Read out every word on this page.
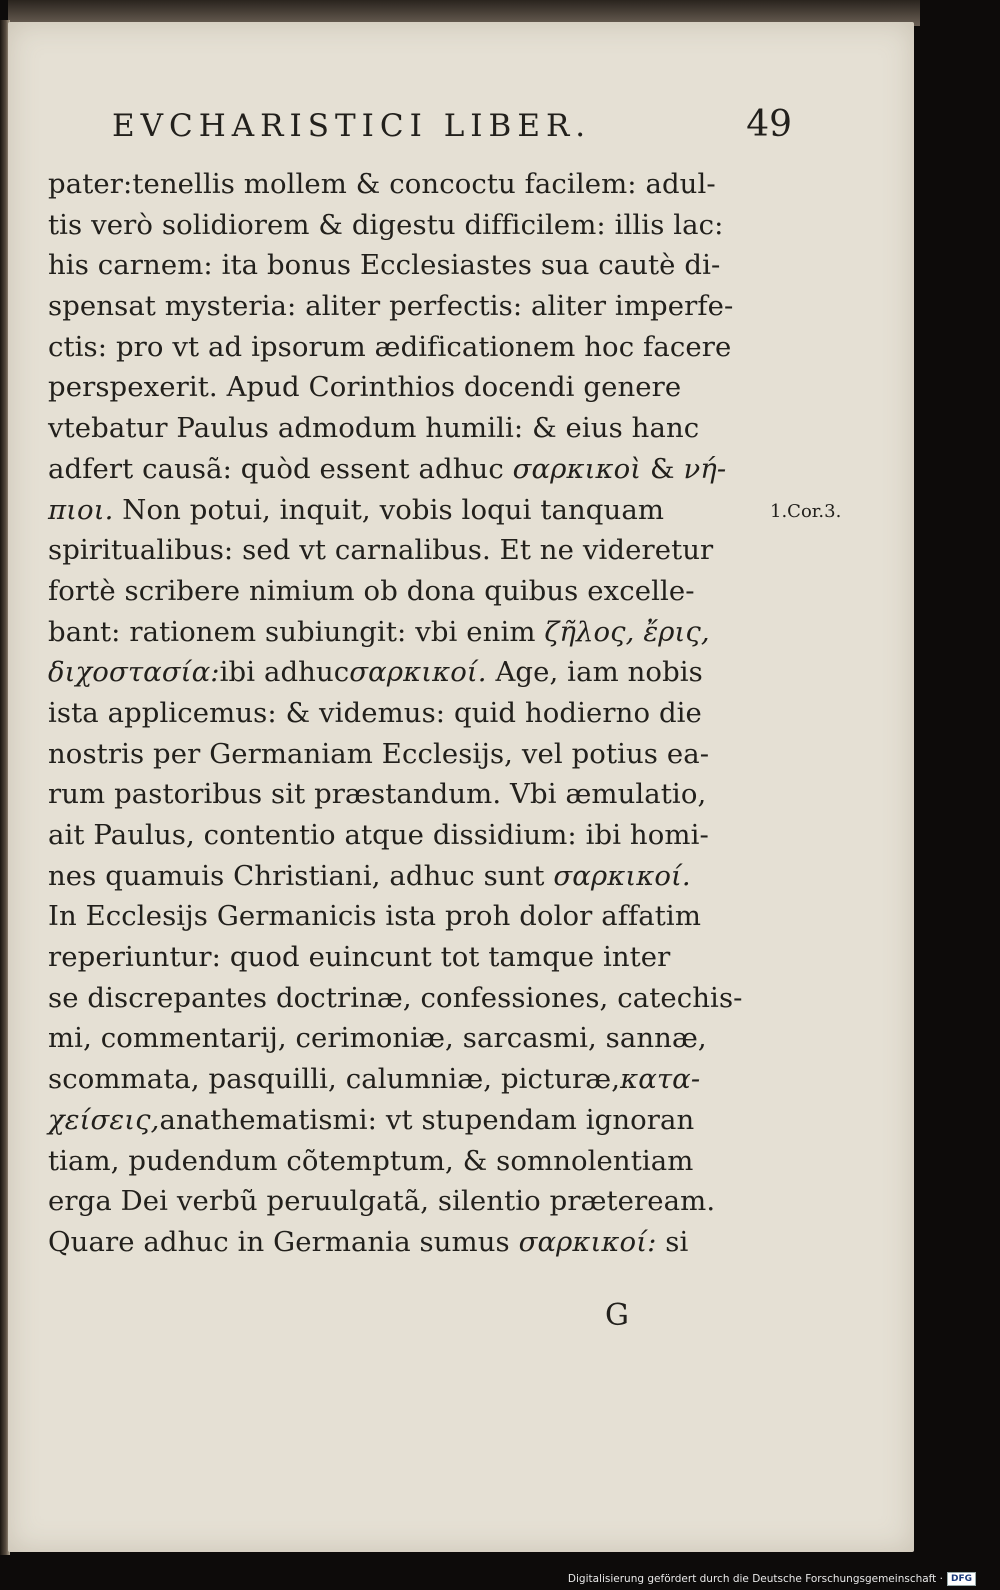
EVCHARISTICI LIBER.	49
pater:tenellis mollem & concoctu facilem: adul-
tis verò solidiorem & digestu difficilem: illis lac:
his carnem: ita bonus Ecclesiastes sua cautè di-
spensat mysteria: aliter perfectis: aliter imperfe-
ctis: pro vt ad ipsorum ædificationem hoc facere
perspexerit. Apud Corinthios docendi genere
vtebatur Paulus admodum humili: & eius hanc
adfert causã: quòd essent adhuc σαρκικοὶ & νή-
πιοι. Non potui, inquit, vobis loqui tanquam
spiritualibus: sed vt carnalibus. Et ne videretur
fortè scribere nimium ob dona quibus excelle-
bant: rationem subiungit: vbi enim ζῆλος, ἔρις,
διχοστασία:ibi adhucσαρκικοί. Age, iam nobis
ista applicemus: & videmus: quid hodierno die
nostris per Germaniam Ecclesijs, vel potius ea-
rum pastoribus sit præstandum. Vbi æmulatio,
ait Paulus, contentio atque dissidium: ibi homi-
nes quamuis Christiani, adhuc sunt σαρκικοί.
In Ecclesijs Germanicis ista proh dolor affatim
reperiuntur: quod euincunt tot tamque inter
se discrepantes doctrinæ, confessiones, catechis-
mi, commentarij, cerimoniæ, sarcasmi, sannæ,
scommata, pasquilli, calumniæ, picturæ,κατα-
χείσεις,anathematismi: vt stupendam ignoran
tiam, pudendum cõtemptum, & somnolentiam
erga Dei verbũ peruulgatã, silentio præteream.
Quare adhuc in Germania sumus σαρκικοί: si
1.Cor.3.
G
Digitalisierung gefördert durch die Deutsche Forschungsgemeinschaft · DFG
